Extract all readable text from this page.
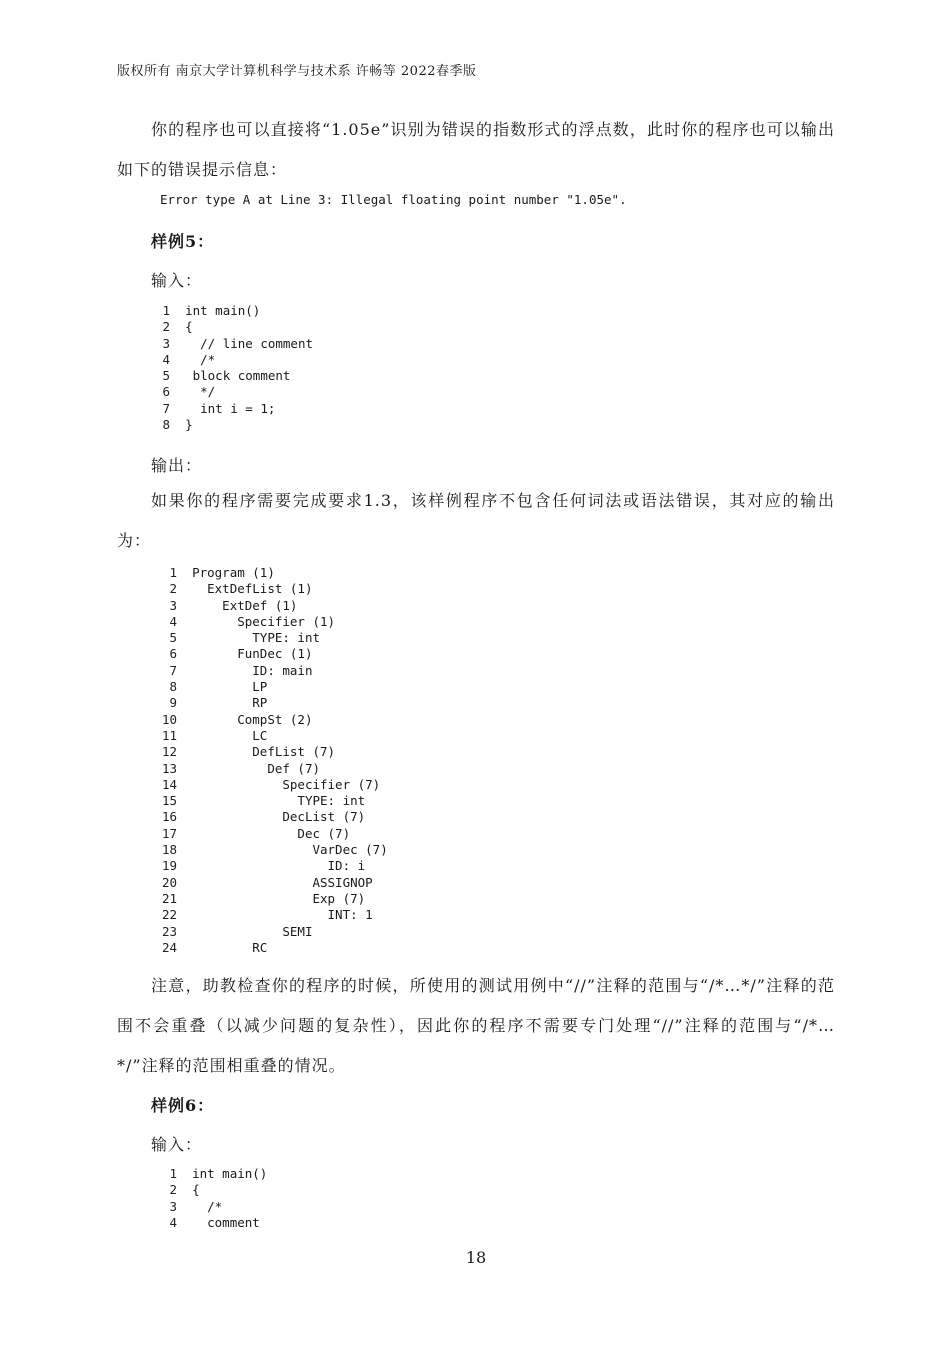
版权所有 南京大学计算机科学与技术系 许畅等 2022春季版

你的程序也可以直接将“1.05e”识别为错误的指数形式的浮点数，此时你的程序也可以输出如下的错误提示信息：

Error type A at Line 3: Illegal floating point number "1.05e".
样例5：
输入：
1 int main()
2 {
3    // line comment
4    /*
5   block comment
6    */
7    int i = 1;
8 }
输出：

如果你的程序需要完成要求1.3，该样例程序不包含任何词法或语法错误，其对应的输出为：

1 Program (1)
2    ExtDefList (1)
3      ExtDef (1)
4        Specifier (1)
5          TYPE: int
6        FunDec (1)
7          ID: main
8          LP
9          RP
10        CompSt (2)
11          LC
12          DefList (7)
13            Def (7)
14              Specifier (7)
15                TYPE: int
16              DecList (7)
17                Dec (7)
18                  VarDec (7)
19                    ID: i
20                  ASSIGNOP
21                  Exp (7)
22                    INT: 1
23              SEMI
24          RC

注意，助教检查你的程序的时候，所使用的测试用例中“//”注释的范围与“/*…*/”注释的范围不会重叠（以减少问题的复杂性），因此你的程序不需要专门处理“//”注释的范围与“/*…*/”注释的范围相重叠的情况。

样例6：
输入：
1 int main()
2 {
3    /*
4    comment
18
